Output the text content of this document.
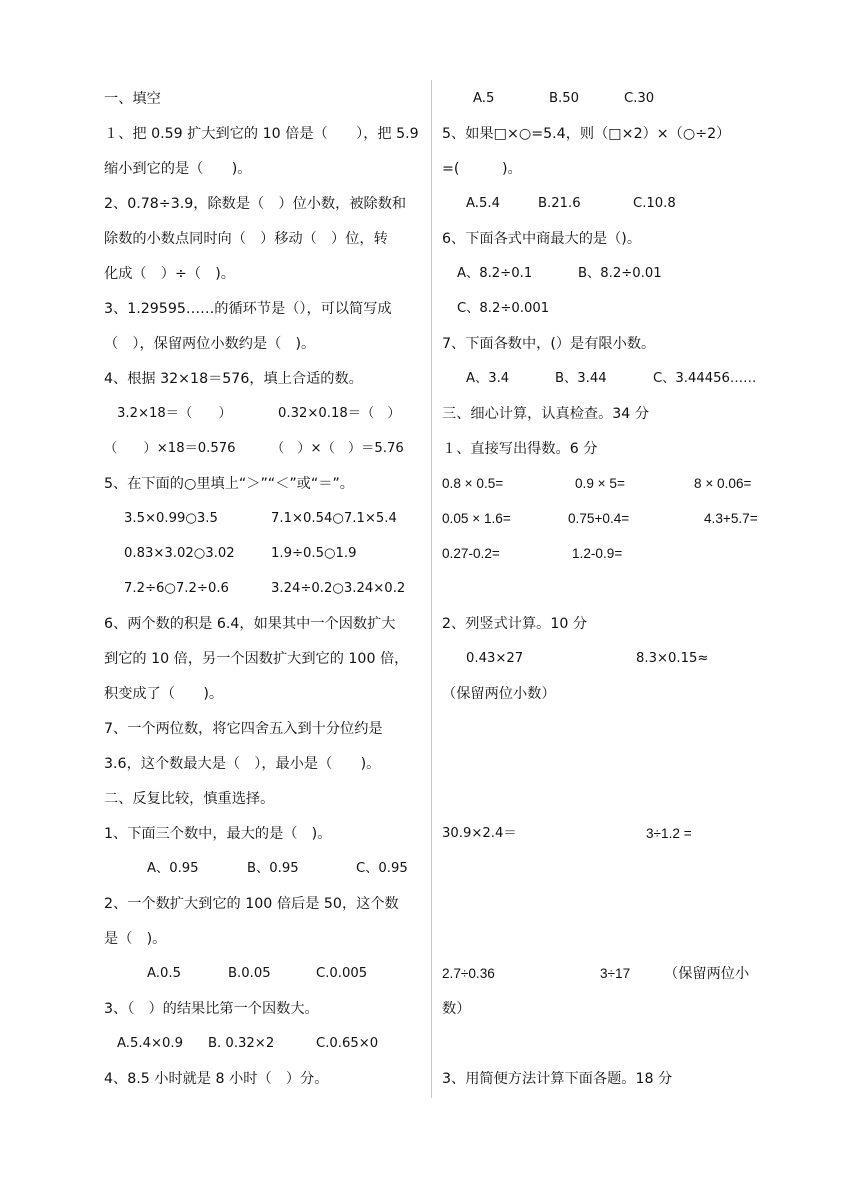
一、填空
１、把 0.59 扩大到它的 10 倍是（　　），把 5.9
缩小到它的是（　　)。
2、0.78÷3.9，除数是（　）位小数，被除数和
除数的小数点同时向（　）移动（　）位，转
化成（　）÷（　)。
3、1.29595……的循环节是（），可以简写成
（　），保留两位小数约是（　)。
4、根据 32×18＝576，填上合适的数。
3.2×18＝（　　）	0.32×0.18＝（　）
（　　）×18＝0.576	（　）×（　）＝5.76
5、在下面的○里填上“＞”“＜”或“＝”。
3.5×0.99○3.5	7.1×0.54○7.1×5.4
0.83×3.02○3.02	1.9÷0.5○1.9
7.2÷6○7.2÷0.6	3.24÷0.2○3.24×0.2
6、两个数的积是 6.4，如果其中一个因数扩大
到它的 10 倍，另一个因数扩大到它的 100 倍，
积变成了（　　)。
7、一个两位数，将它四舍五入到十分位约是
3.6，这个数最大是（　），最小是（　　)。
二、反复比较，慎重选择。
1、下面三个数中，最大的是（　)。
A、0.95	B、0.95	C、0.95
2、一个数扩大到它的 100 倍后是 50，这个数
是（　)。
A.0.5	B.0.05	C.0.005
3、（　）的结果比第一个因数大。
A.5.4×0.9 B. 0.32×2	C.0.65×0
4、8.5 小时就是 8 小时（　）分。
A.5	B.50	C.30
5、如果□×○=5.4，则（□×2）×（○÷2）
=(　　　)。
A.5.4	B.21.6	C.10.8
6、下面各式中商最大的是（)。
A、8.2÷0.1	B、8.2÷0.01
C、8.2÷0.001
7、下面各数中，(）是有限小数。
A、3.4	B、3.44	C、3.44456……
三、细心计算，认真检查。34 分
１、直接写出得数。6 分
0.8 × 0.5=	0.9 × 5=	8 × 0.06=
0.05 × 1.6=	0.75+0.4=	4.3+5.7=
0.27-0.2=	1.2-0.9=
2、列竖式计算。10 分
0.43×27	8.3×0.15≈
（保留两位小数）
30.9×2.4＝	3÷1.2 =
2.7÷0.36	3÷17 （保留两位小
数）
3、用简便方法计算下面各题。18 分
